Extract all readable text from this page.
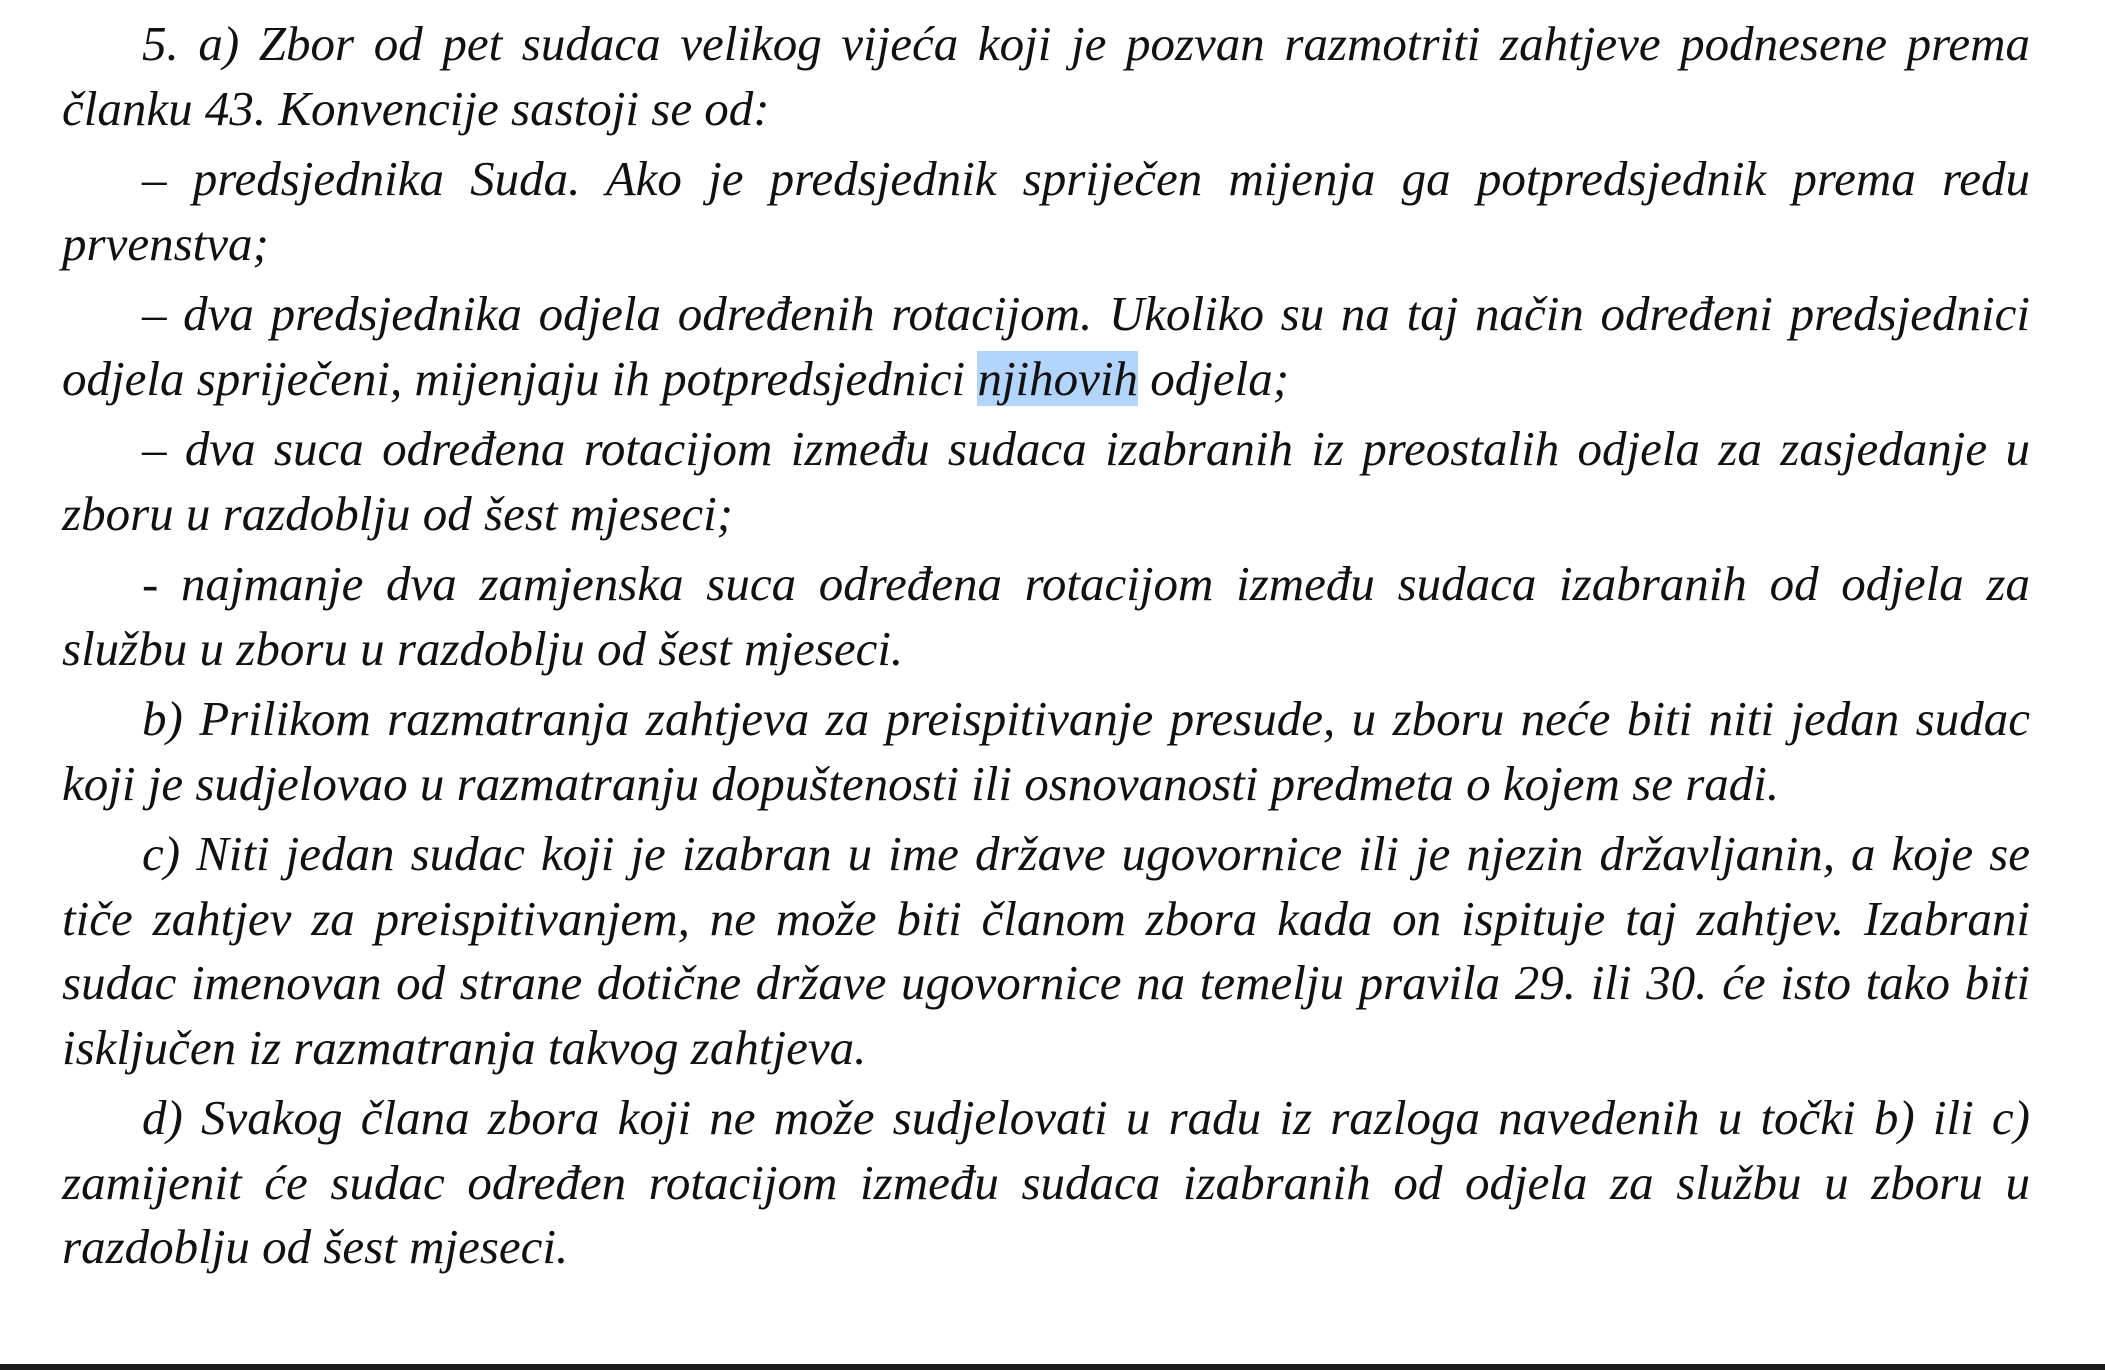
5. a) Zbor od pet sudaca velikog vijeća koji je pozvan razmotriti zahtjeve podnesene prema članku 43. Konvencije sastoji se od:

– predsjednika Suda. Ako je predsjednik spriječen mijenja ga potpredsjednik prema redu prvenstva;

– dva predsjednika odjela određenih rotacijom. Ukoliko su na taj način određeni predsjednici odjela spriječeni, mijenjaju ih potpredsjednici njihovih odjela;

– dva suca određena rotacijom između sudaca izabranih iz preostalih odjela za zasjedanje u zboru u razdoblju od šest mjeseci;

- najmanje dva zamjenska suca određena rotacijom između sudaca izabranih od odjela za službu u zboru u razdoblju od šest mjeseci.

b) Prilikom razmatranja zahtjeva za preispitivanje presude, u zboru neće biti niti jedan sudac koji je sudjelovao u razmatranju dopuštenosti ili osnovanosti predmeta o kojem se radi.

c) Niti jedan sudac koji je izabran u ime države ugovornice ili je njezin državljanin, a koje se tiče zahtjev za preispitivanjem, ne može biti članom zbora kada on ispituje taj zahtjev. Izabrani sudac imenovan od strane dotične države ugovornice na temelju pravila 29. ili 30. će isto tako biti isključen iz razmatranja takvog zahtjeva.

d) Svakog člana zbora koji ne može sudjelovati u radu iz razloga navedenih u točki b) ili c) zamijenit će sudac određen rotacijom između sudaca izabranih od odjela za službu u zboru u razdoblju od šest mjeseci.
